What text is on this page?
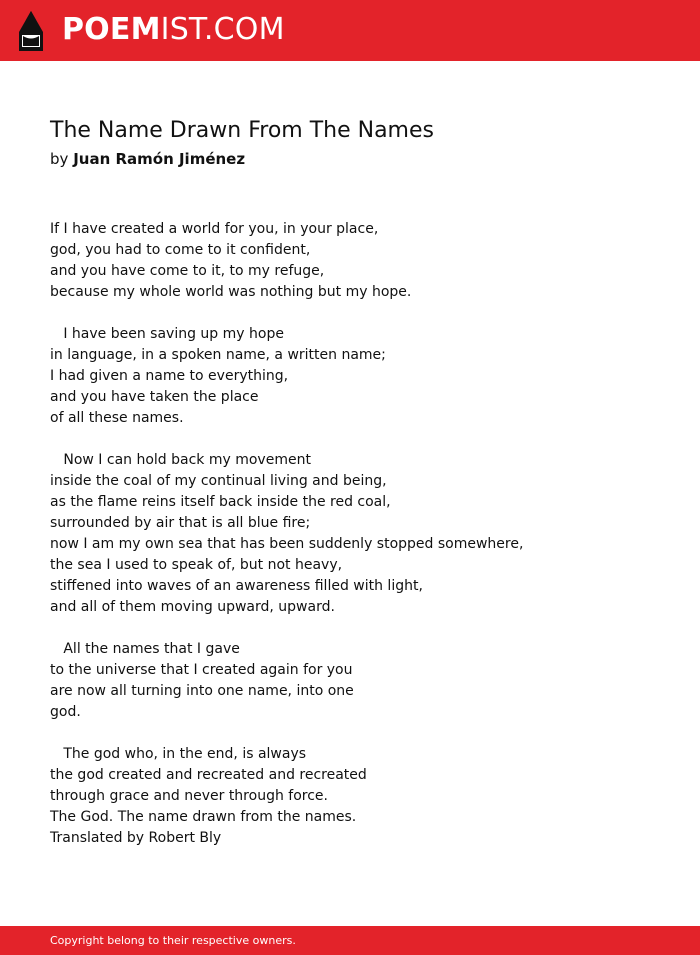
POEMIST.COM
The Name Drawn From The Names
by Juan Ramón Jiménez
If I have created a world for you, in your place,
god, you had to come to it confident,
and you have come to it, to my refuge,
because my whole world was nothing but my hope.
I have been saving up my hope
in language, in a spoken name, a written name;
I had given a name to everything,
and you have taken the place
of all these names.
Now I can hold back my movement
inside the coal of my continual living and being,
as the flame reins itself back inside the red coal,
surrounded by air that is all blue fire;
now I am my own sea that has been suddenly stopped somewhere,
the sea I used to speak of, but not heavy,
stiffened into waves of an awareness filled with light,
and all of them moving upward, upward.
All the names that I gave
to the universe that I created again for you
are now all turning into one name, into one
god.
The god who, in the end, is always
the god created and recreated and recreated
through grace and never through force.
The God. The name drawn from the names.
Translated by Robert Bly
Copyright belong to their respective owners.
